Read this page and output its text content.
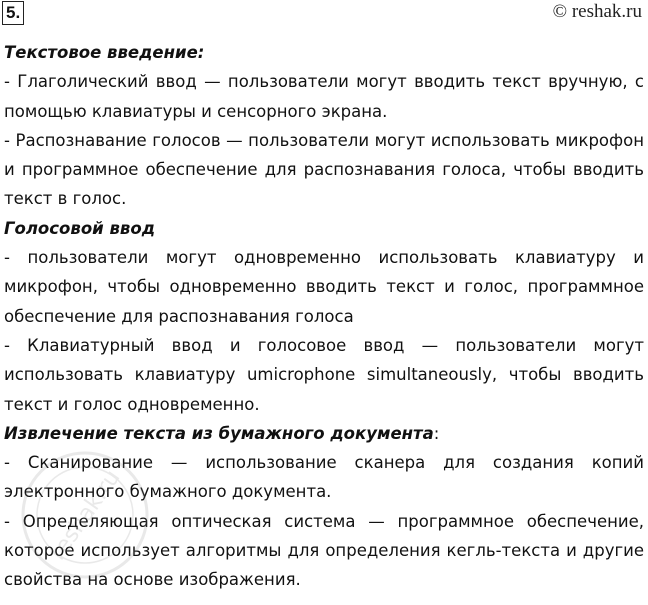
5.	© reshak.ru

Текстовое введение:

- Глаголический ввод — пользователи могут вводить текст вручную, с помощью клавиатуры и сенсорного экрана.

- Распознавание голосов — пользователи могут использовать микрофон и программное обеспечение для распознавания голоса, чтобы вводить текст в голос.

Голосовой ввод

- пользователи могут одновременно использовать клавиатуру и микрофон, чтобы одновременно вводить текст и голос, программное обеспечение для распознавания голоса

- Клавиатурный ввод и голосовое ввод — пользователи могут использовать клавиатуру umicrophone simultaneously, чтобы вводить текст и голос одновременно.

Извлечение текста из бумажного документа:

- Сканирование — использование сканера для создания копий электронного бумажного документа.

- Определяющая оптическая система — программное обеспечение, которое использует алгоритмы для определения кегль-текста и другие свойства на основе изображения.

reshak.ru
